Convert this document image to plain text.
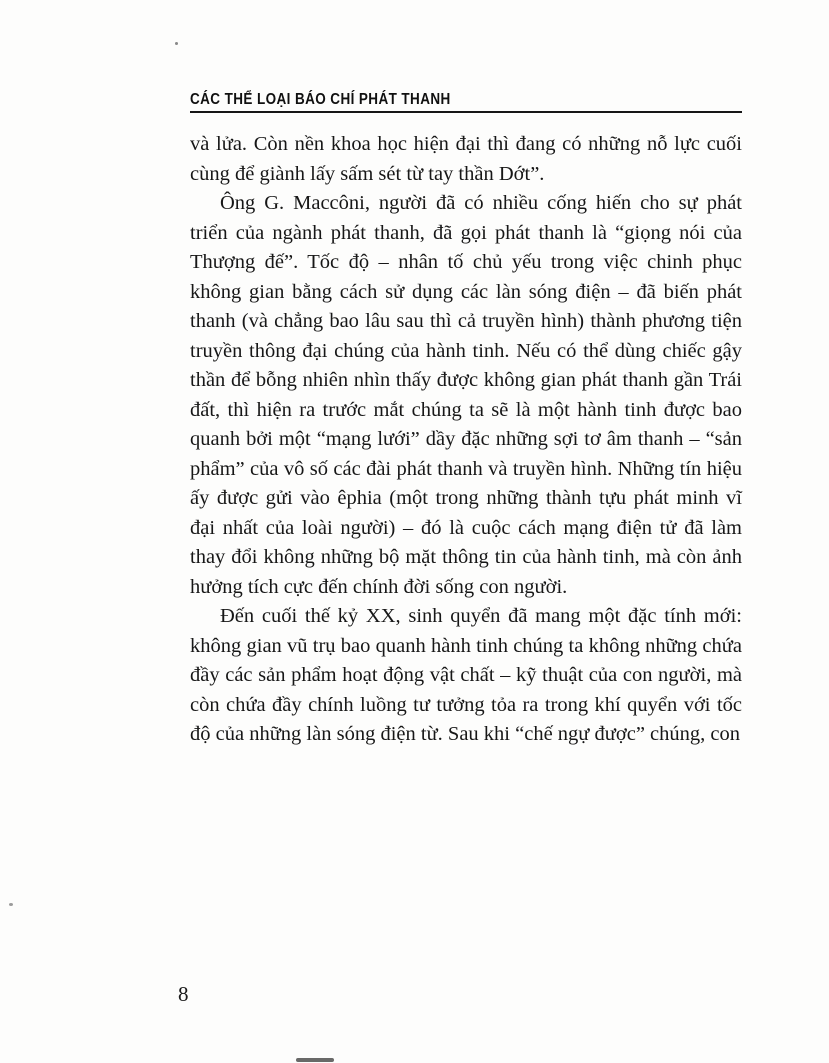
CÁC THỂ LOẠI BÁO CHÍ PHÁT THANH

và lửa. Còn nền khoa học hiện đại thì đang có những nỗ lực cuối cùng để giành lấy sấm sét từ tay thần Dớt”.

Ông G. Maccôni, người đã có nhiều cống hiến cho sự phát triển của ngành phát thanh, đã gọi phát thanh là “giọng nói của Thượng đế”. Tốc độ – nhân tố chủ yếu trong việc chinh phục không gian bằng cách sử dụng các làn sóng điện – đã biến phát thanh (và chẳng bao lâu sau thì cả truyền hình) thành phương tiện truyền thông đại chúng của hành tinh. Nếu có thể dùng chiếc gậy thần để bỗng nhiên nhìn thấy được không gian phát thanh gần Trái đất, thì hiện ra trước mắt chúng ta sẽ là một hành tinh được bao quanh bởi một “mạng lưới” dầy đặc những sợi tơ âm thanh – “sản phẩm” của vô số các đài phát thanh và truyền hình. Những tín hiệu ấy được gửi vào êphia (một trong những thành tựu phát minh vĩ đại nhất của loài người) – đó là cuộc cách mạng điện tử đã làm thay đổi không những bộ mặt thông tin của hành tinh, mà còn ảnh hưởng tích cực đến chính đời sống con người.

Đến cuối thế kỷ XX, sinh quyển đã mang một đặc tính mới: không gian vũ trụ bao quanh hành tinh chúng ta không những chứa đầy các sản phẩm hoạt động vật chất – kỹ thuật của con người, mà còn chứa đầy chính luồng tư tưởng tỏa ra trong khí quyển với tốc độ của những làn sóng điện từ. Sau khi “chế ngự được” chúng, con

8
